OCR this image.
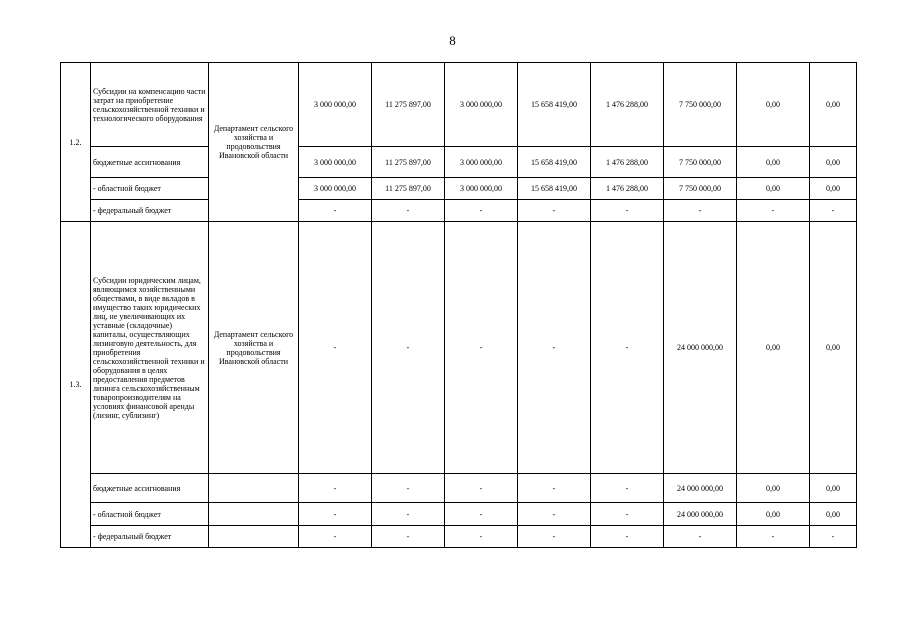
8
1.2.	Субсидии на компенсацию части затрат на приобретение сельскохозяйственной техники и технологического оборудования	Департамент сельского хозяйства и продовольствия Ивановской области	3 000 000,00	11 275 897,00	3 000 000,00	15 658 419,00	1 476 288,00	7 750 000,00	0,00	0,00
	бюджетные ассигнования		3 000 000,00	11 275 897,00	3 000 000,00	15 658 419,00	1 476 288,00	7 750 000,00	0,00	0,00
	- областной бюджет		3 000 000,00	11 275 897,00	3 000 000,00	15 658 419,00	1 476 288,00	7 750 000,00	0,00	0,00
	- федеральный бюджет		-	-	-	-	-	-	-	-
1.3.	Субсидии юридическим лицам, являющимся хозяйственными обществами, в виде вкладов в имущество таких юридических лиц, не увеличивающих их уставные (складочные) капиталы, осуществляющих лизинговую деятельность, для приобретения сельскохозяйственной техники и оборудования в целях предоставления предметов лизинга сельскохозяйственным товаропроизводителям на условиях финансовой аренды (лизинг, сублизинг)	Департамент сельского хозяйства и продовольствия Ивановской области	-	-	-	-	-	24 000 000,00	0,00	0,00
	бюджетные ассигнования		-	-	-	-	-	24 000 000,00	0,00	0,00
	- областной бюджет		-	-	-	-	-	24 000 000,00	0,00	0,00
	- федеральный бюджет		-	-	-	-	-	-	-	-
